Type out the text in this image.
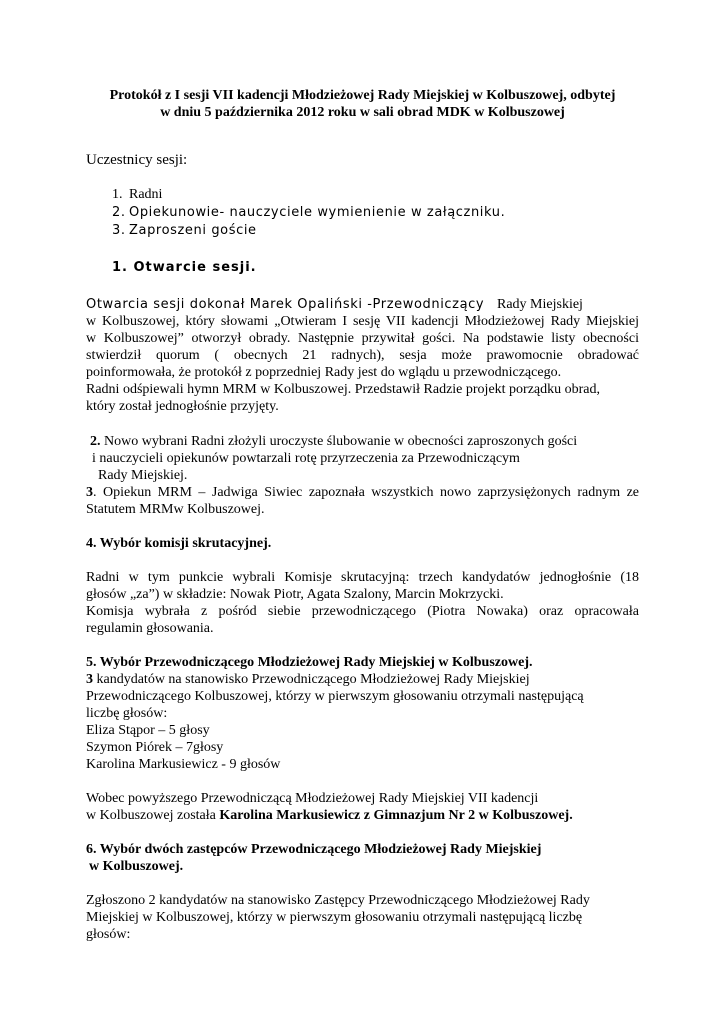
Protokół z I sesji VII kadencji Młodzieżowej Rady Miejskiej w Kolbuszowej, odbytej
w dniu 5 października 2012 roku w sali obrad MDK w Kolbuszowej
Uczestnicy sesji:
1. Radni
2. Opiekunowie- nauczyciele wymienienie w załączniku.
3. Zaproszeni goście
1. Otwarcie sesji.
Otwarcia sesji dokonał Marek Opaliński -Przewodniczący Rady Miejskiej
w Kolbuszowej, który słowami „Otwieram I sesję VII kadencji Młodzieżowej Rady Miejskiej
w Kolbuszowej” otworzył obrady. Następnie przywitał gości. Na podstawie listy obecności
stwierdził quorum ( obecnych 21 radnych), sesja może prawomocnie obradować
poinformowała, że protokół z poprzedniej Rady jest do wglądu u przewodniczącego.
Radni odśpiewali hymn MRM w Kolbuszowej. Przedstawił Radzie projekt porządku obrad,
który został jednogłośnie przyjęty.
2. Nowo wybrani Radni złożyli uroczyste ślubowanie w obecności zaproszonych gości
i nauczycieli opiekunów powtarzali rotę przyrzeczenia za Przewodniczącym
Rady Miejskiej.
3. Opiekun MRM – Jadwiga Siwiec zapoznała wszystkich nowo zaprzysiężonych radnym ze
Statutem MRMw Kolbuszowej.
4. Wybór komisji skrutacyjnej.
Radni w tym punkcie wybrali Komisje skrutacyjną: trzech kandydatów jednogłośnie (18
głosów „za”) w składzie: Nowak Piotr, Agata Szalony, Marcin Mokrzycki.
Komisja wybrała z pośród siebie przewodniczącego (Piotra Nowaka) oraz opracowała
regulamin głosowania.
5. Wybór Przewodniczącego Młodzieżowej Rady Miejskiej w Kolbuszowej.
3 kandydatów na stanowisko Przewodniczącego Młodzieżowej Rady Miejskiej
Przewodniczącego Kolbuszowej, którzy w pierwszym głosowaniu otrzymali następującą
liczbę głosów:
Eliza Stąpor – 5 głosy
Szymon Piórek – 7głosy
Karolina Markusiewicz - 9 głosów
Wobec powyższego Przewodniczącą Młodzieżowej Rady Miejskiej VII kadencji
w Kolbuszowej została Karolina Markusiewicz z Gimnazjum Nr 2 w Kolbuszowej.
6. Wybór dwóch zastępców Przewodniczącego Młodzieżowej Rady Miejskiej
w Kolbuszowej.
Zgłoszono 2 kandydatów na stanowisko Zastępcy Przewodniczącego Młodzieżowej Rady
Miejskiej w Kolbuszowej, którzy w pierwszym głosowaniu otrzymali następującą liczbę
głosów:
